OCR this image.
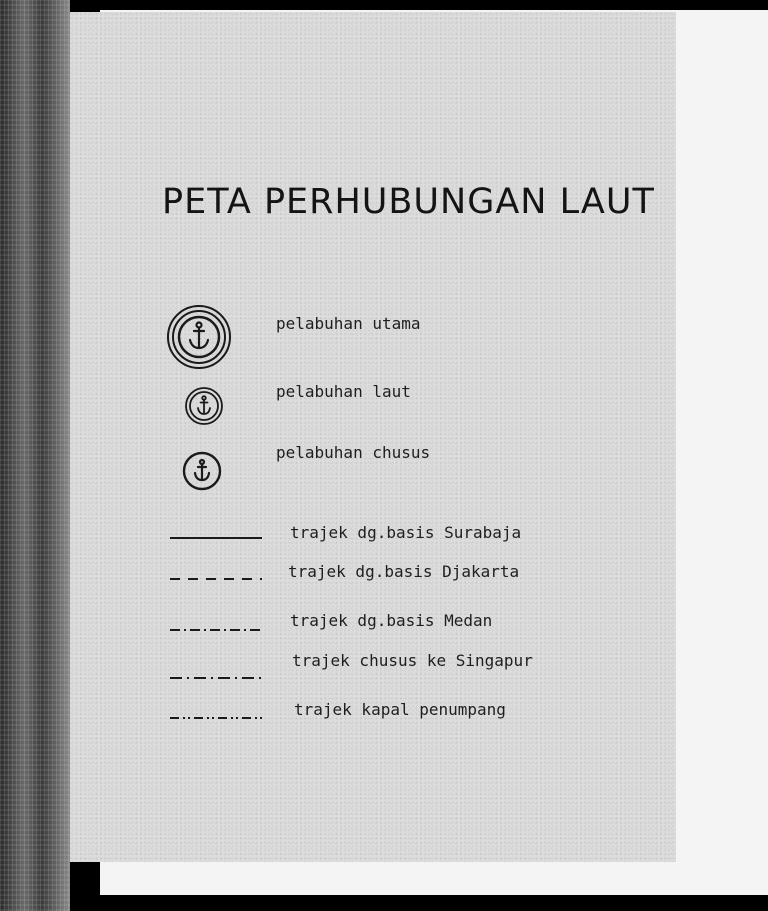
PETA PERHUBUNGAN LAUT

pelabuhan utama

pelabuhan laut

pelabuhan chusus

trajek dg.basis Surabaja

trajek dg.basis Djakarta

trajek dg.basis Medan

trajek chusus ke Singapur

trajek kapal penumpang
